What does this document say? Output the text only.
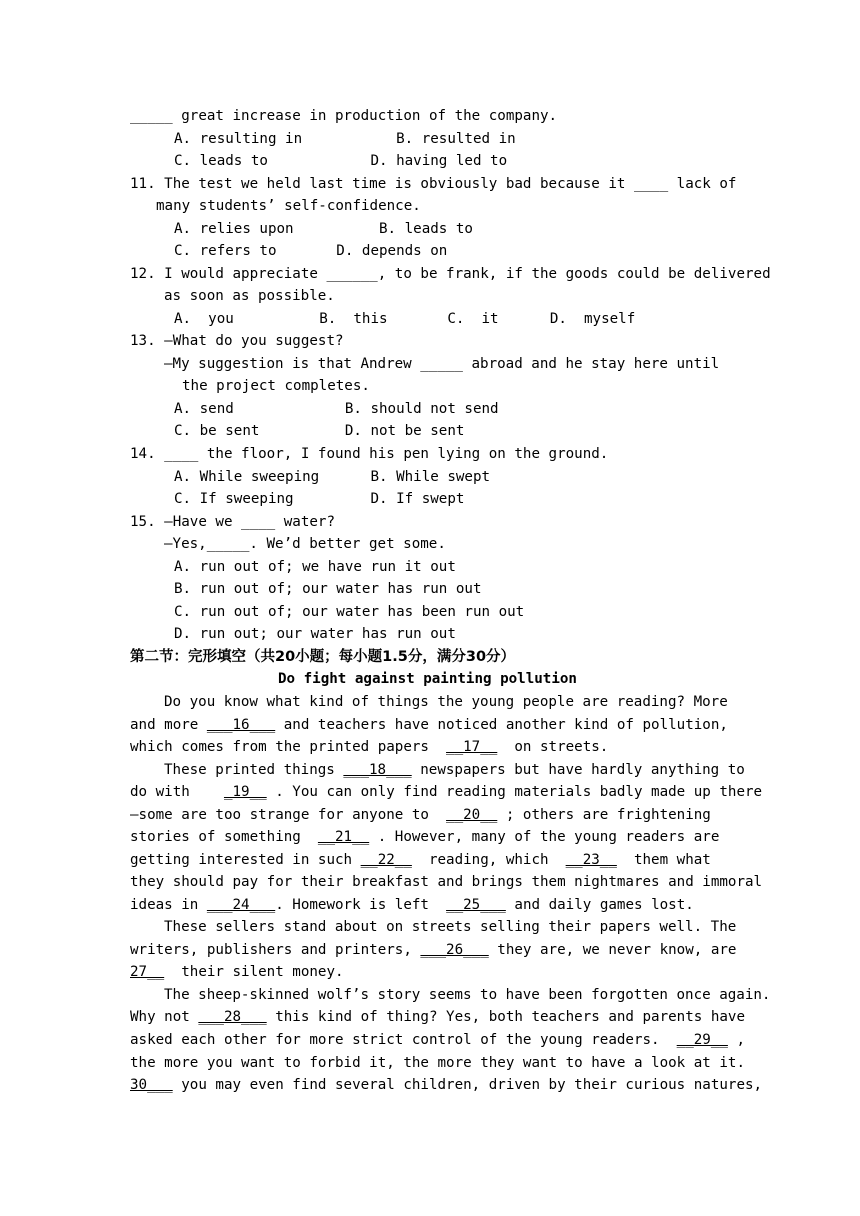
_____ great increase in production of the company.
A. resulting in           B. resulted in
C. leads to            D. having led to
11. The test we held last time is obviously bad because it ____ lack of
many students’ self-confidence.
A. relies upon          B. leads to
C. refers to       D. depends on
12. I would appreciate ______, to be frank, if the goods could be delivered
as soon as possible.
A.  you          B.  this       C.  it      D.  myself
13. —What do you suggest?
—My suggestion is that Andrew _____ abroad and he stay here until
the project completes.
A. send             B. should not send
C. be sent          D. not be sent
14. ____ the floor, I found his pen lying on the ground.
A. While sweeping      B. While swept
C. If sweeping         D. If swept
15. —Have we ____ water?
—Yes,_____. We’d better get some.
A. run out of; we have run it out
B. run out of; our water has run out
C. run out of; our water has been run out
D. run out; our water has run out
第二节：完形填空（共20小题；每小题1.5分，满分30分）
Do fight against painting pollution
Do you know what kind of things the young people are reading? More
and more ___16___ and teachers have noticed another kind of pollution,
which comes from the printed papers  __17__  on streets.
These printed things ___18___ newspapers but have hardly anything to
do with    _19__ . You can only find reading materials badly made up there
—some are too strange for anyone to  __20__ ; others are frightening
stories of something  __21__ . However, many of the young readers are
getting interested in such __22__  reading, which  __23__  them what
they should pay for their breakfast and brings them nightmares and immoral
ideas in ___24___. Homework is left  __25___ and daily games lost.
These sellers stand about on streets selling their papers well. The
writers, publishers and printers, ___26___ they are, we never know, are
27__  their silent money.
The sheep-skinned wolf’s story seems to have been forgotten once again.
Why not ___28___ this kind of thing? Yes, both teachers and parents have
asked each other for more strict control of the young readers.  __29__ ,
the more you want to forbid it, the more they want to have a look at it.
30___ you may even find several children, driven by their curious natures,
